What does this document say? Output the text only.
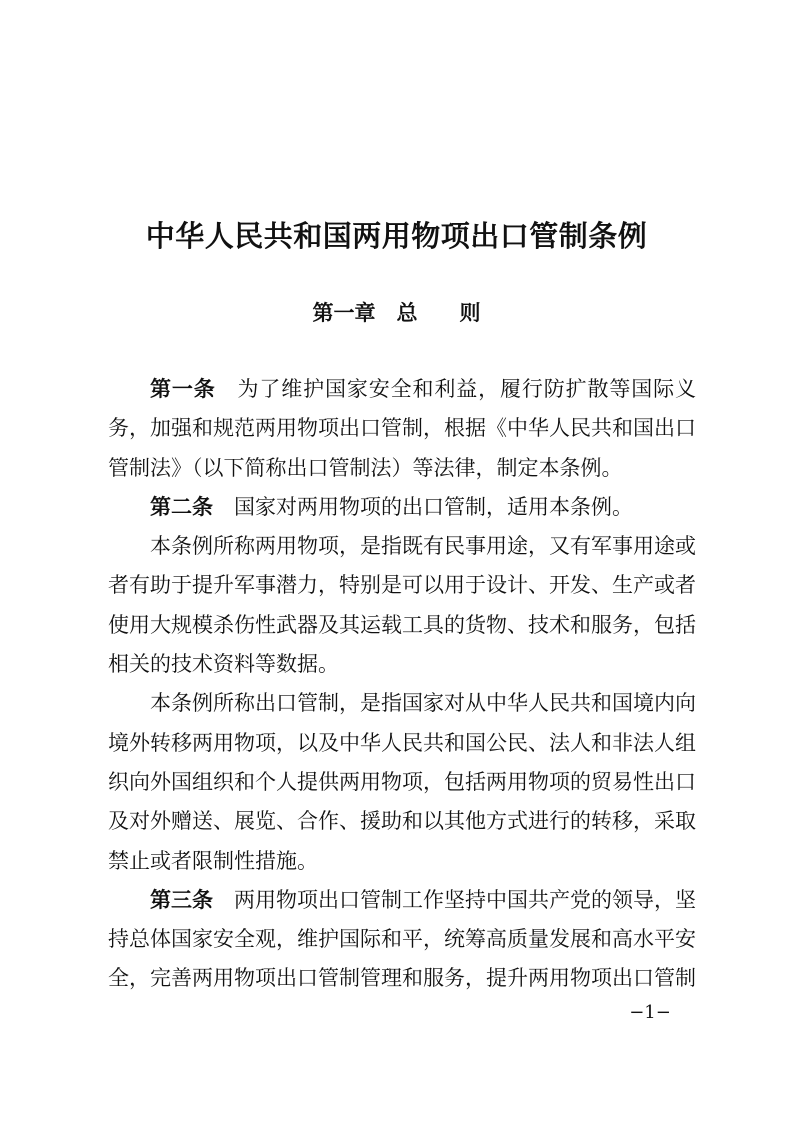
中华人民共和国两用物项出口管制条例
第一章　总　　则

第一条　为了维护国家安全和利益，履行防扩散等国际义务，加强和规范两用物项出口管制，根据《中华人民共和国出口管制法》（以下简称出口管制法）等法律，制定本条例。

第二条　国家对两用物项的出口管制，适用本条例。

本条例所称两用物项，是指既有民事用途，又有军事用途或者有助于提升军事潜力，特别是可以用于设计、开发、生产或者使用大规模杀伤性武器及其运载工具的货物、技术和服务，包括相关的技术资料等数据。

本条例所称出口管制，是指国家对从中华人民共和国境内向境外转移两用物项，以及中华人民共和国公民、法人和非法人组织向外国组织和个人提供两用物项，包括两用物项的贸易性出口及对外赠送、展览、合作、援助和以其他方式进行的转移，采取禁止或者限制性措施。

第三条　两用物项出口管制工作坚持中国共产党的领导，坚持总体国家安全观，维护国际和平，统筹高质量发展和高水平安全，完善两用物项出口管制管理和服务，提升两用物项出口管制

−1−
